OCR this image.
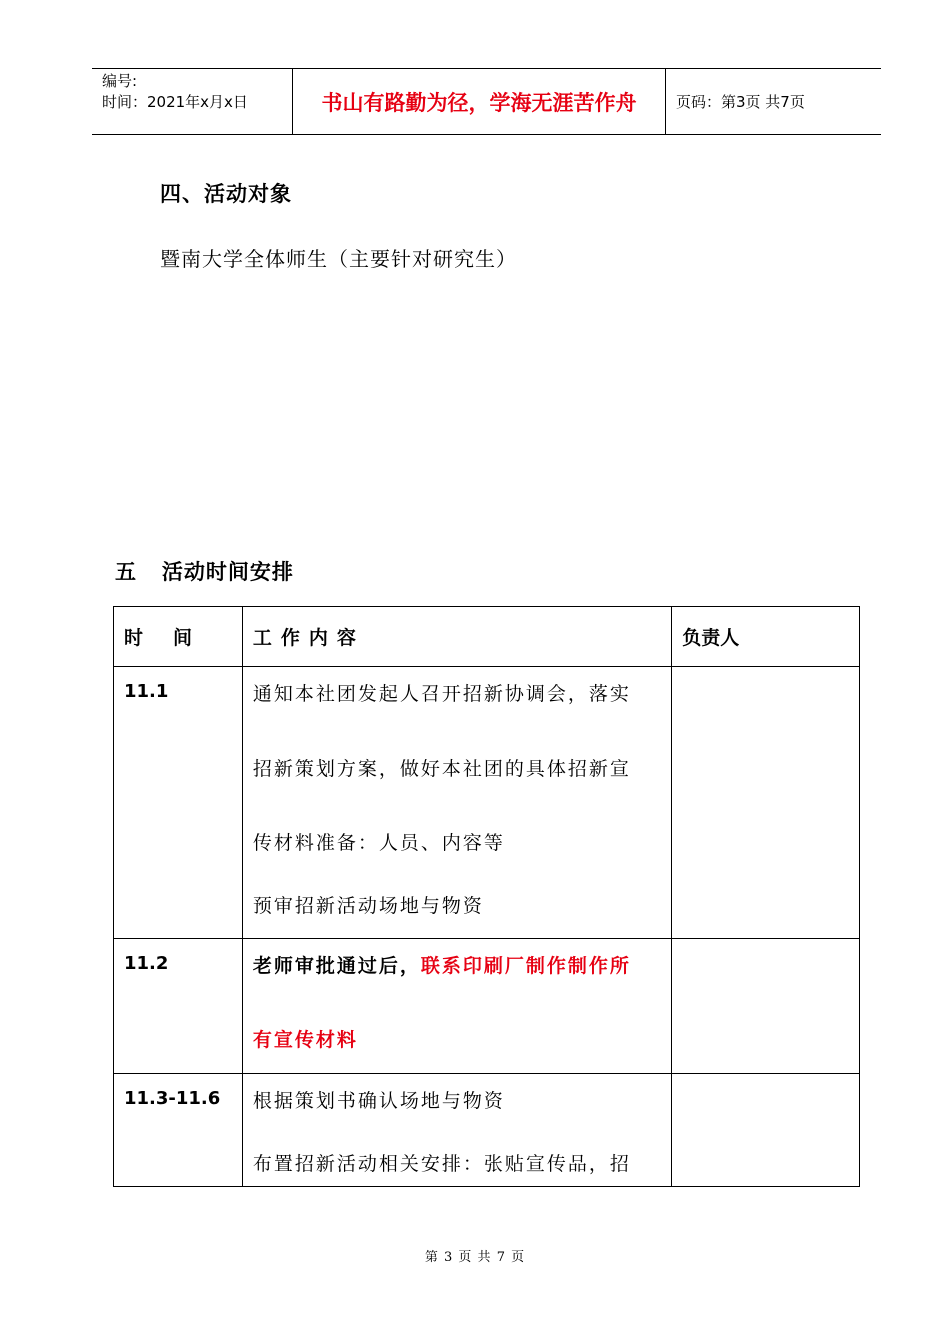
编号:
时间：2021年x月x日	书山有路勤为径，学海无涯苦作舟	页码：第3页 共7页
四、活动对象
暨南大学全体师生（主要针对研究生）
五   活动时间安排
时间	工作内容	负责人

11.1	通知本社团发起人召开招新协调会，落实
招新策划方案，做好本社团的具体招新宣
传材料准备：人员、内容等
预审招新活动场地与物资	

11.2	老师审批通过后，联系印刷厂制作制作所
有宣传材料	

11.3-11.6	根据策划书确认场地与物资
布置招新活动相关安排：张贴宣传品，招	

第 3 页 共 7 页
